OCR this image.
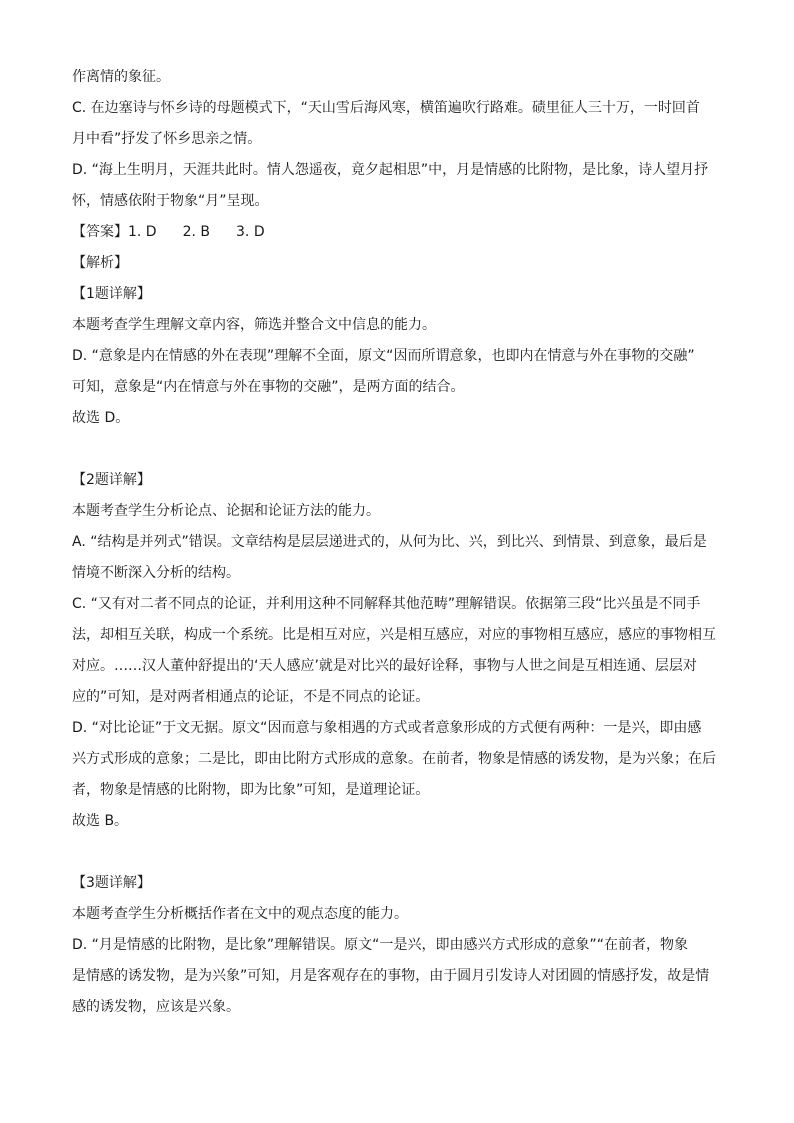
作离情的象征。

C. 在边塞诗与怀乡诗的母题模式下，“天山雪后海风寒，横笛遍吹行路难。碛里征人三十万，一时回首

月中看”抒发了怀乡思亲之情。

D. “海上生明月，天涯共此时。情人怨遥夜，竟夕起相思”中，月是情感的比附物，是比象，诗人望月抒

怀，情感依附于物象“月”呈现。

【答案】1. D 2. B 3. D

【解析】

【1题详解】

本题考查学生理解文章内容，筛选并整合文中信息的能力。

D. “意象是内在情感的外在表现”理解不全面，原文“因而所谓意象，也即内在情意与外在事物的交融”

可知，意象是“内在情意与外在事物的交融”，是两方面的结合。

故选 D。

【2题详解】

本题考查学生分析论点、论据和论证方法的能力。

A. “结构是并列式”错误。文章结构是层层递进式的，从何为比、兴，到比兴、到情景、到意象，最后是

情境不断深入分析的结构。

C. “又有对二者不同点的论证，并利用这种不同解释其他范畴”理解错误。依据第三段“比兴虽是不同手

法，却相互关联，构成一个系统。比是相互对应，兴是相互感应，对应的事物相互感应，感应的事物相互

对应。……汉人董仲舒提出的‘天人感应’就是对比兴的最好诠释，事物与人世之间是互相连通、层层对

应的”可知，是对两者相通点的论证，不是不同点的论证。

D. “对比论证”于文无据。原文“因而意与象相遇的方式或者意象形成的方式便有两种：一是兴，即由感

兴方式形成的意象；二是比，即由比附方式形成的意象。在前者，物象是情感的诱发物，是为兴象；在后

者，物象是情感的比附物，即为比象”可知，是道理论证。

故选 B。

【3题详解】

本题考查学生分析概括作者在文中的观点态度的能力。

D. “月是情感的比附物，是比象”理解错误。原文“一是兴，即由感兴方式形成的意象”“在前者，物象

是情感的诱发物，是为兴象”可知，月是客观存在的事物，由于圆月引发诗人对团圆的情感抒发，故是情

感的诱发物，应该是兴象。
